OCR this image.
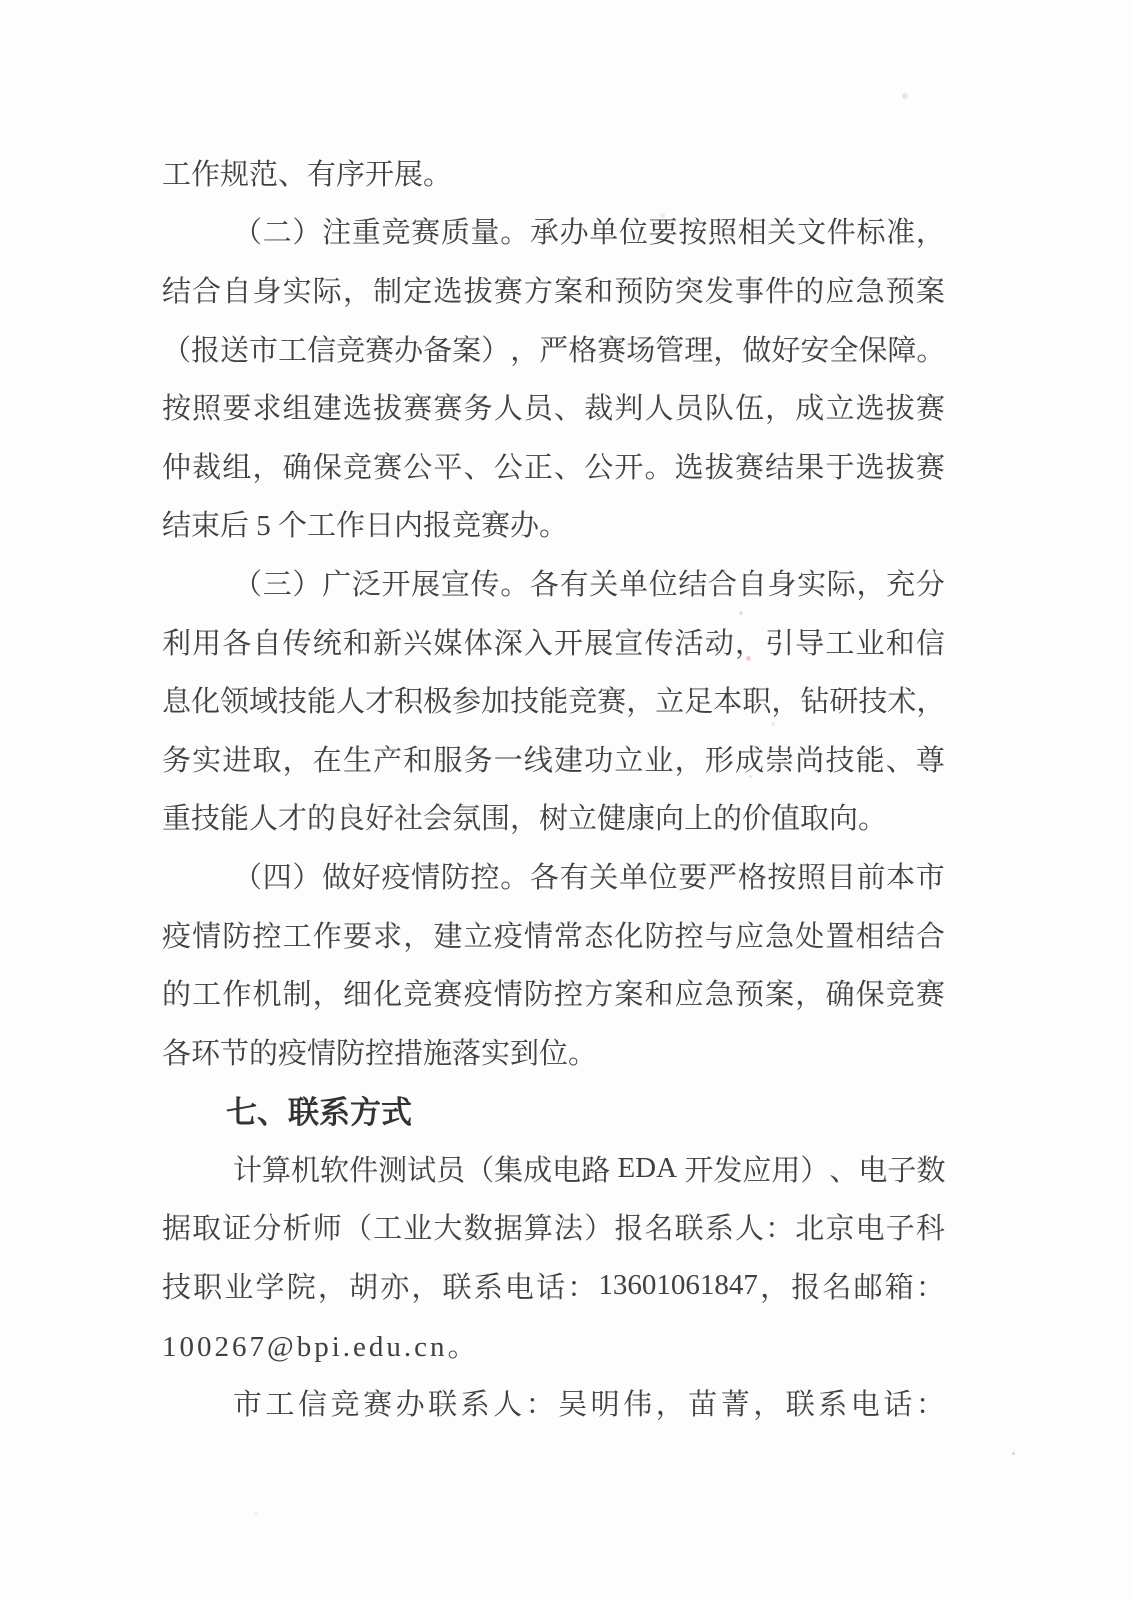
工作规范、有序开展。
（ 二 ） 注 重 竞 赛 质 量 。 承 办 单 位 要 按 照 相 关 文 件 标 准 ，
结 合 自 身 实 际 ， 制 定 选 拔 赛 方 案 和 预 防 突 发 事 件 的 应 急 预 案
（ 报 送 市 工 信 竞 赛 办 备 案 ） ， 严 格 赛 场 管 理 ， 做 好 安 全 保 障 。
按 照 要 求 组 建 选 拔 赛 赛 务 人 员 、 裁 判 人 员 队 伍 ， 成 立 选 拔 赛
仲 裁 组 ， 确 保 竞 赛 公 平 、 公 正 、 公 开 。 选 拔 赛 结 果 于 选 拔 赛
结束后 5 个工作日内报竞赛办。
（ 三 ） 广 泛 开 展 宣 传 。 各 有 关 单 位 结 合 自 身 实 际 ， 充 分
利 用 各 自 传 统 和 新 兴 媒 体 深 入 开 展 宣 传 活 动 ， 引 导 工 业 和 信
息 化 领 域 技 能 人 才 积 极 参 加 技 能 竞 赛 ， 立 足 本 职 ， 钻 研 技 术 ，
务 实 进 取 ， 在 生 产 和 服 务 一 线 建 功 立 业 ， 形 成 崇 尚 技 能 、 尊
重技能人才的良好社会氛围，树立健康向上的价值取向。
（ 四 ） 做 好 疫 情 防 控 。 各 有 关 单 位 要 严 格 按 照 目 前 本 市
疫 情 防 控 工 作 要 求 ， 建 立 疫 情 常 态 化 防 控 与 应 急 处 置 相 结 合
的 工 作 机 制 ， 细 化 竞 赛 疫 情 防 控 方 案 和 应 急 预 案 ， 确 保 竞 赛
各环节的疫情防控措施落实到位。
七、联系方式
计 算 机 软 件 测 试 员 （ 集 成 电 路 EDA 开 发 应 用 ） 、 电 子 数
据 取 证 分 析 师 （ 工 业 大 数 据 算 法 ） 报 名 联 系 人 ： 北 京 电 子 科
技 职 业 学 院 ， 胡 亦 ， 联 系 电 话 ： 13601061847 ， 报 名 邮 箱 ：
100267@bpi.edu.cn。
市 工 信 竞 赛 办 联 系 人 ： 吴 明 伟 ， 苗 菁 ， 联 系 电 话 ：
